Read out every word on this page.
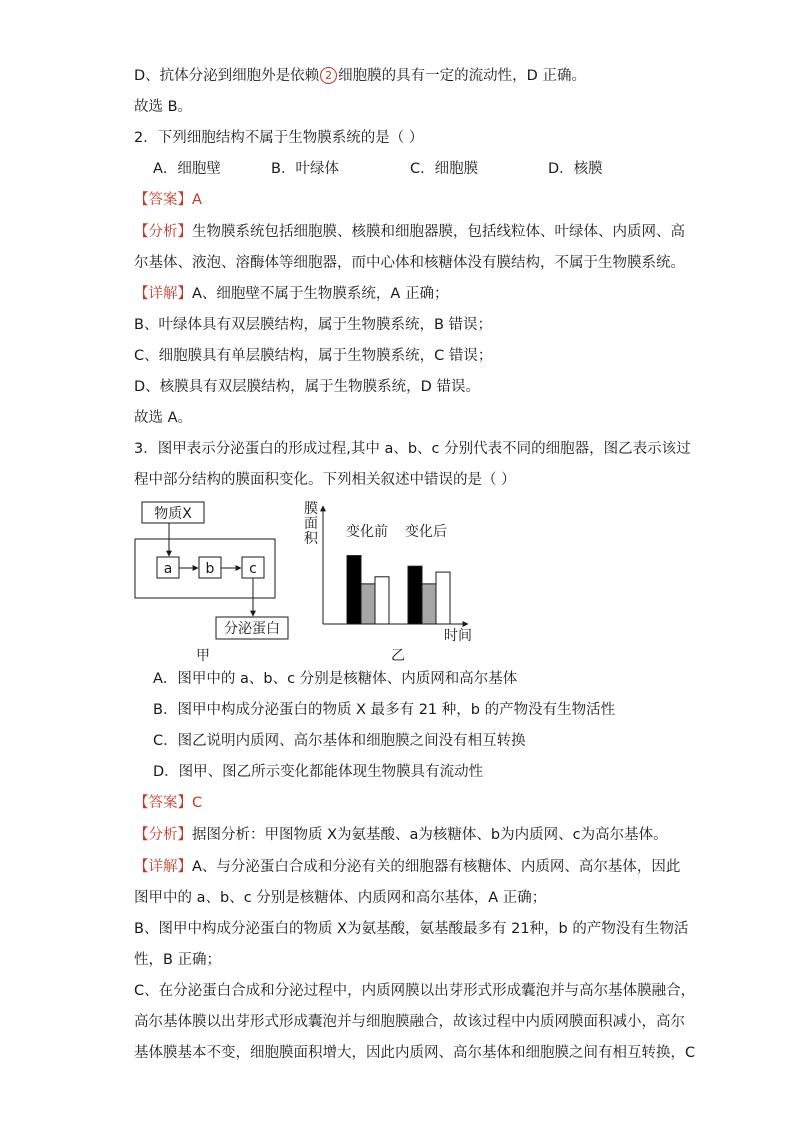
D、抗体分泌到细胞外是依赖 2 细胞膜的具有一定的流动性，D 正确。
故选 B。
2．下列细胞结构不属于生物膜系统的是（ ）
A．细胞壁	B．叶绿体	C．细胞膜	D．核膜
【答案】A
【分析】生物膜系统包括细胞膜、核膜和细胞器膜，包括线粒体、叶绿体、内质网、高
尔基体、液泡、溶酶体等细胞器，而中心体和核糖体没有膜结构，不属于生物膜系统。
【详解】A、细胞壁不属于生物膜系统，A 正确；
B、叶绿体具有双层膜结构，属于生物膜系统，B 错误；
C、细胞膜具有单层膜结构，属于生物膜系统，C 错误；
D、核膜具有双层膜结构，属于生物膜系统，D 错误。
故选 A。
3．图甲表示分泌蛋白的形成过程,其中 a、b、c 分别代表不同的细胞器，图乙表示该过
程中部分结构的膜面积变化。下列相关叙述中错误的是（ ）
物质X
a b c
分泌蛋白
甲
膜面积
时间
变化前 变化后
乙
A．图甲中的 a、b、c 分别是核糖体、内质网和高尔基体
B．图甲中构成分泌蛋白的物质 X 最多有 21 种，b 的产物没有生物活性
C．图乙说明内质网、高尔基体和细胞膜之间没有相互转换
D．图甲、图乙所示变化都能体现生物膜具有流动性
【答案】C
【分析】据图分析：甲图物质 X为氨基酸、a为核糖体、b为内质网、c为高尔基体。
【详解】A、与分泌蛋白合成和分泌有关的细胞器有核糖体、内质网、高尔基体，因此
图甲中的 a、b、c 分别是核糖体、内质网和高尔基体，A 正确；
B、图甲中构成分泌蛋白的物质 X为氨基酸，氨基酸最多有 21种，b 的产物没有生物活
性，B 正确；
C、在分泌蛋白合成和分泌过程中，内质网膜以出芽形式形成囊泡并与高尔基体膜融合，
高尔基体膜以出芽形式形成囊泡并与细胞膜融合，故该过程中内质网膜面积减小，高尔
基体膜基本不变，细胞膜面积增大，因此内质网、高尔基体和细胞膜之间有相互转换，C
